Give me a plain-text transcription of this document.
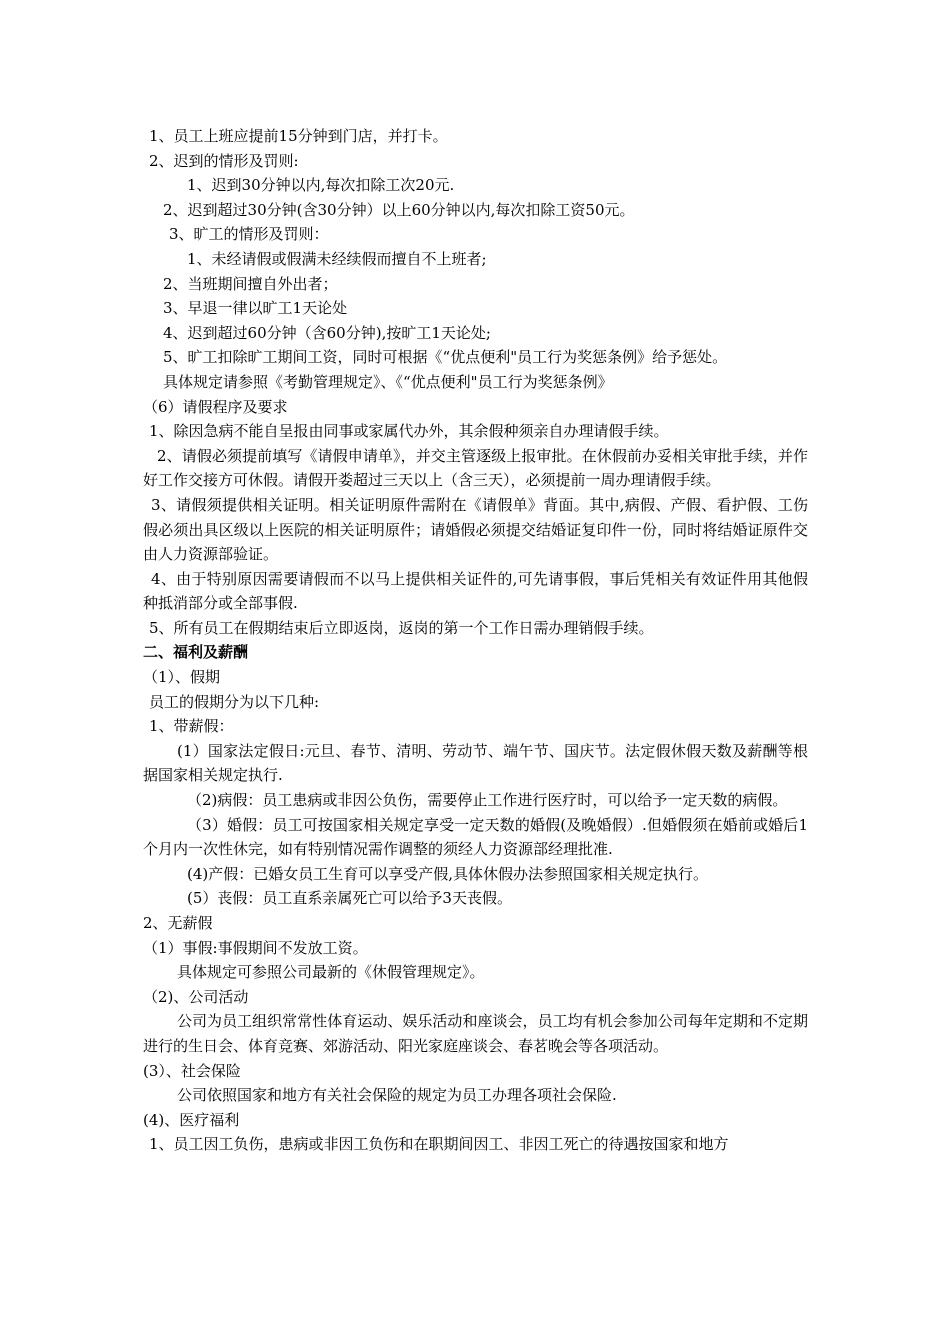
1、员工上班应提前15分钟到门店，并打卡。
2、迟到的情形及罚则:
1、迟到30分钟以内,每次扣除工次20元.
2、迟到超过30分钟(含30分钟）以上60分钟以内,每次扣除工资50元。
3、旷工的情形及罚则：
1、未经请假或假满未经续假而擅自不上班者;
2、当班期间擅自外出者；
3、早退一律以旷工1天论处
4、迟到超过60分钟（含60分钟),按旷工1天论处;
5、旷工扣除旷工期间工资，同时可根据《“优点便利"员工行为奖惩条例》给予惩处。
具体规定请参照《考勤管理规定》、《“优点便利"员工行为奖惩条例》
（6）请假程序及要求
1、除因急病不能自呈报由同事或家属代办外，其余假种须亲自办理请假手续。
2、请假必须提前填写《请假申请单》，并交主管逐级上报审批。在休假前办妥相关审批手续，并作好工作交接方可休假。请假开娄超过三天以上（含三天），必须提前一周办理请假手续。
3、请假须提供相关证明。相关证明原件需附在《请假单》背面。其中,病假、产假、看护假、工伤假必须出具区级以上医院的相关证明原件；请婚假必须提交结婚证复印件一份，同时将结婚证原件交由人力资源部验证。
4、由于特别原因需要请假而不以马上提供相关证件的,可先请事假，事后凭相关有效证件用其他假种抵消部分或全部事假.
5、所有员工在假期结束后立即返岗，返岗的第一个工作日需办理销假手续。
二、福利及薪酬
（1）、假期
员工的假期分为以下几种:
1、带薪假：
(1）国家法定假日:元旦、春节、清明、劳动节、端午节、国庆节。法定假休假天数及薪酬等根据国家相关规定执行.
（2)病假：员工患病或非因公负伤，需要停止工作进行医疗时，可以给予一定天数的病假。
（3）婚假：员工可按国家相关规定享受一定天数的婚假(及晚婚假）.但婚假须在婚前或婚后1个月内一次性休完，如有特别情况需作调整的须经人力资源部经理批准.
(4)产假：已婚女员工生育可以享受产假,具体休假办法参照国家相关规定执行。
(5）丧假：员工直系亲属死亡可以给予3天丧假。
2、无薪假
（1）事假:事假期间不发放工资。
具体规定可参照公司最新的《休假管理规定》。
（2)、公司活动
公司为员工组织常常性体育运动、娱乐活动和座谈会，员工均有机会参加公司每年定期和不定期进行的生日会、体育竞赛、郊游活动、阳光家庭座谈会、春茗晚会等各项活动。
(3）、社会保险
公司依照国家和地方有关社会保险的规定为员工办理各项社会保险.
(4)、医疗福利
1、员工因工负伤，患病或非因工负伤和在职期间因工、非因工死亡的待遇按国家和地方
